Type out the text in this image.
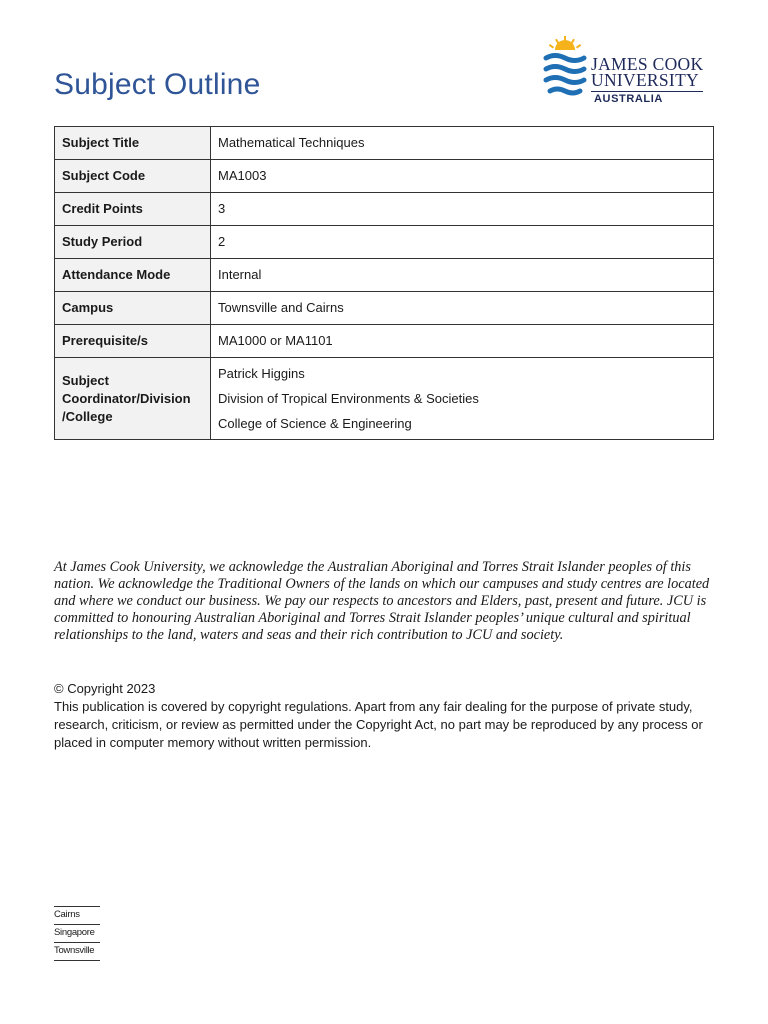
Subject Outline
JAMES COOK
UNIVERSITY
AUSTRALIA
Subject Title	Mathematical Techniques
Subject Code	MA1003
Credit Points	3
Study Period	2
Attendance Mode	Internal
Campus	Townsville and Cairns
Prerequisite/s	MA1000 or MA1101
Subject Coordinator/Division /College	Patrick Higgins
Division of Tropical Environments & Societies
College of Science & Engineering

At James Cook University, we acknowledge the Australian Aboriginal and Torres Strait Islander peoples of this nation. We acknowledge the Traditional Owners of the lands on which our campuses and study centres are located and where we conduct our business. We pay our respects to ancestors and Elders, past, present and future. JCU is committed to honouring Australian Aboriginal and Torres Strait Islander peoples’ unique cultural and spiritual relationships to the land, waters and seas and their rich contribution to JCU and society.

© Copyright 2023

This publication is covered by copyright regulations. Apart from any fair dealing for the purpose of private study, research, criticism, or review as permitted under the Copyright Act, no part may be reproduced by any process or placed in computer memory without written permission.

Cairns
Singapore
Townsville
